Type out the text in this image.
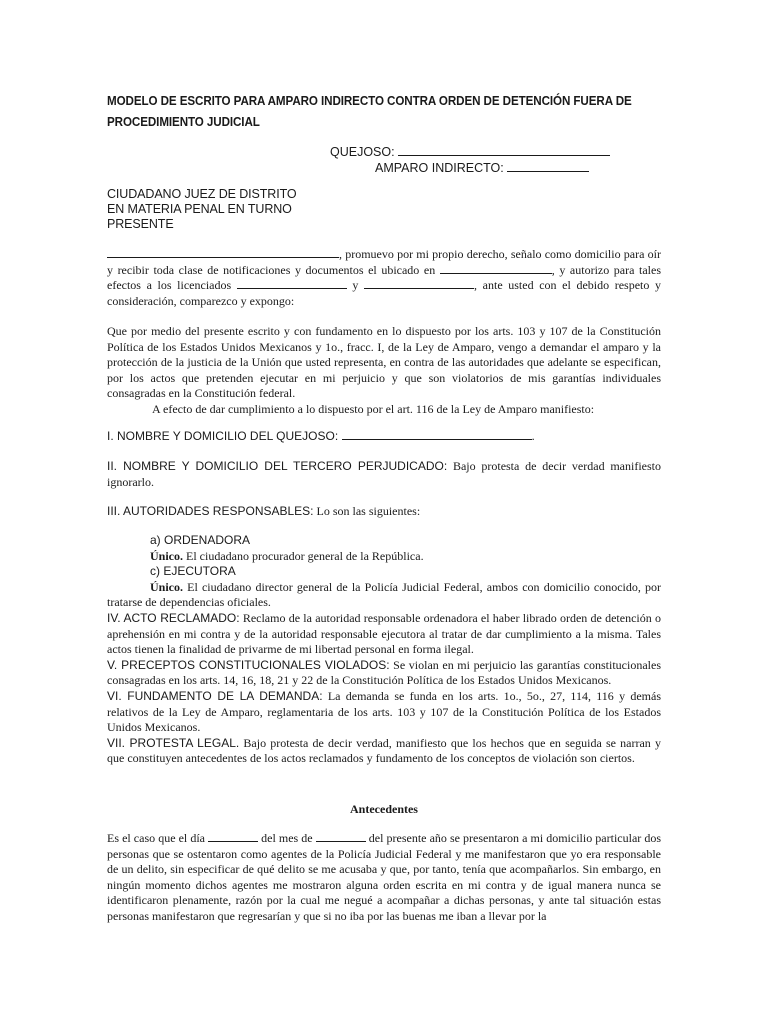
MODELO DE ESCRITO PARA AMPARO INDIRECTO CONTRA ORDEN DE DETENCIÓN FUERA DE
PROCEDIMIENTO JUDICIAL
QUEJOSO:
AMPARO INDIRECTO:
CIUDADANO JUEZ DE DISTRITO
EN MATERIA PENAL EN TURNO
PRESENTE
, promuevo por mi propio derecho, señalo como domicilio para oír y recibir toda clase de notificaciones y documentos el ubicado en	, y autorizo para tales efectos a los licenciados	y	, ante usted con el debido respeto y consideración, comparezco y expongo:
Que por medio del presente escrito y con fundamento en lo dispuesto por los arts. 103 y 107 de la Constitución Política de los Estados Unidos Mexicanos y 1o., fracc. I, de la Ley de Amparo, vengo a demandar el amparo y la protección de la justicia de la Unión que usted representa, en contra de las autoridades que adelante se especifican, por los actos que pretenden ejecutar en mi perjuicio y que son violatorios de mis garantías individuales consagradas en la Constitución federal.
A efecto de dar cumplimiento a lo dispuesto por el art. 116 de la Ley de Amparo manifiesto:
I. NOMBRE Y DOMICILIO DEL QUEJOSO:	.
II. NOMBRE Y DOMICILIO DEL TERCERO PERJUDICADO: Bajo protesta de decir verdad manifiesto ignorarlo.
III. AUTORIDADES RESPONSABLES: Lo son las siguientes:
a) ORDENADORA
Único. El ciudadano procurador general de la República.
c) EJECUTORA
Único. El ciudadano director general de la Policía Judicial Federal, ambos con domicilio conocido, por tratarse de dependencias oficiales.
IV. ACTO RECLAMADO: Reclamo de la autoridad responsable ordenadora el haber librado orden de detención o aprehensión en mi contra y de la autoridad responsable ejecutora al tratar de dar cumplimiento a la misma. Tales actos tienen la finalidad de privarme de mi libertad personal en forma ilegal.
V. PRECEPTOS CONSTITUCIONALES VIOLADOS: Se violan en mi perjuicio las garantías constitucionales consagradas en los arts. 14, 16, 18, 21 y 22 de la Constitución Política de los Estados Unidos Mexicanos.
VI. FUNDAMENTO DE LA DEMANDA: La demanda se funda en los arts. 1o., 5o., 27, 114, 116 y demás relativos de la Ley de Amparo, reglamentaria de los arts. 103 y 107 de la Constitución Política de los Estados Unidos Mexicanos.
VII. PROTESTA LEGAL. Bajo protesta de decir verdad, manifiesto que los hechos que en seguida se narran y que constituyen antecedentes de los actos reclamados y fundamento de los conceptos de violación son ciertos.
Antecedentes
Es el caso que el día	del mes de	del presente año se presentaron a mi domicilio particular dos personas que se ostentaron como agentes de la Policía Judicial Federal y me manifestaron que yo era responsable de un delito, sin especificar de qué delito se me acusaba y que, por tanto, tenía que acompañarlos. Sin embargo, en ningún momento dichos agentes me mostraron alguna orden escrita en mi contra y de igual manera nunca se identificaron plenamente, razón por la cual me negué a acompañar a dichas personas, y ante tal situación estas personas manifestaron que regresarían y que si no iba por las buenas me iban a llevar por la
